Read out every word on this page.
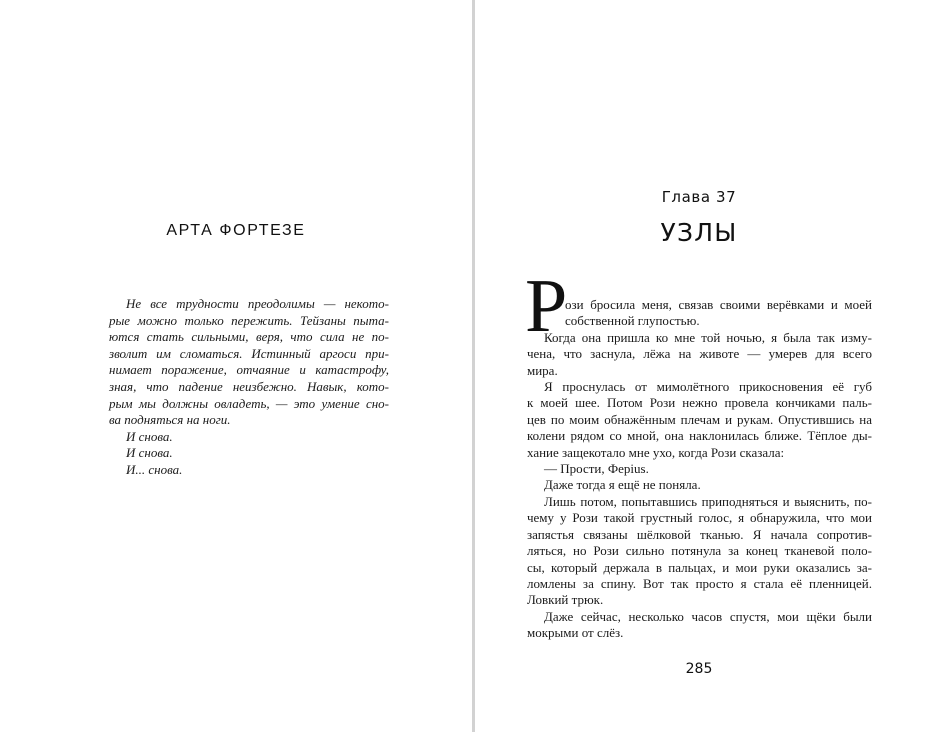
АРТА ФОРТЕЗЕ
Не все трудности преодолимы — некото-
рые можно только пережить. Тейзаны пыта-
ются стать сильными, веря, что сила не по-
зволит им сломаться. Истинный аргоси при-
нимает поражение, отчаяние и катастрофу,
зная, что падение неизбежно. Навык, кото-
рым мы должны овладеть, — это умение сно-
ва подняться на ноги.
И снова.
И снова.
И... снова.
Глава 37
УЗЛЫ
Р
ози бросила меня, связав своими верёвками и моей
собственной глупостью.
Когда она пришла ко мне той ночью, я была так изму-
чена, что заснула, лёжа на животе — умерев для всего
мира.
Я проснулась от мимолётного прикосновения её губ
к моей шее. Потом Рози нежно провела кончиками паль-
цев по моим обнажённым плечам и рукам. Опустившись на
колени рядом со мной, она наклонилась ближе. Тёплое ды-
хание защекотало мне ухо, когда Рози сказала:
— Прости, Ферius.
Даже тогда я ещё не поняла.
Лишь потом, попытавшись приподняться и выяснить, по-
чему у Рози такой грустный голос, я обнаружила, что мои
запястья связаны шёлковой тканью. Я начала сопротив-
ляться, но Рози сильно потянула за конец тканевой поло-
сы, который держала в пальцах, и мои руки оказались за-
ломлены за спину. Вот так просто я стала её пленницей.
Ловкий трюк.
Даже сейчас, несколько часов спустя, мои щёки были
мокрыми от слёз.
285
